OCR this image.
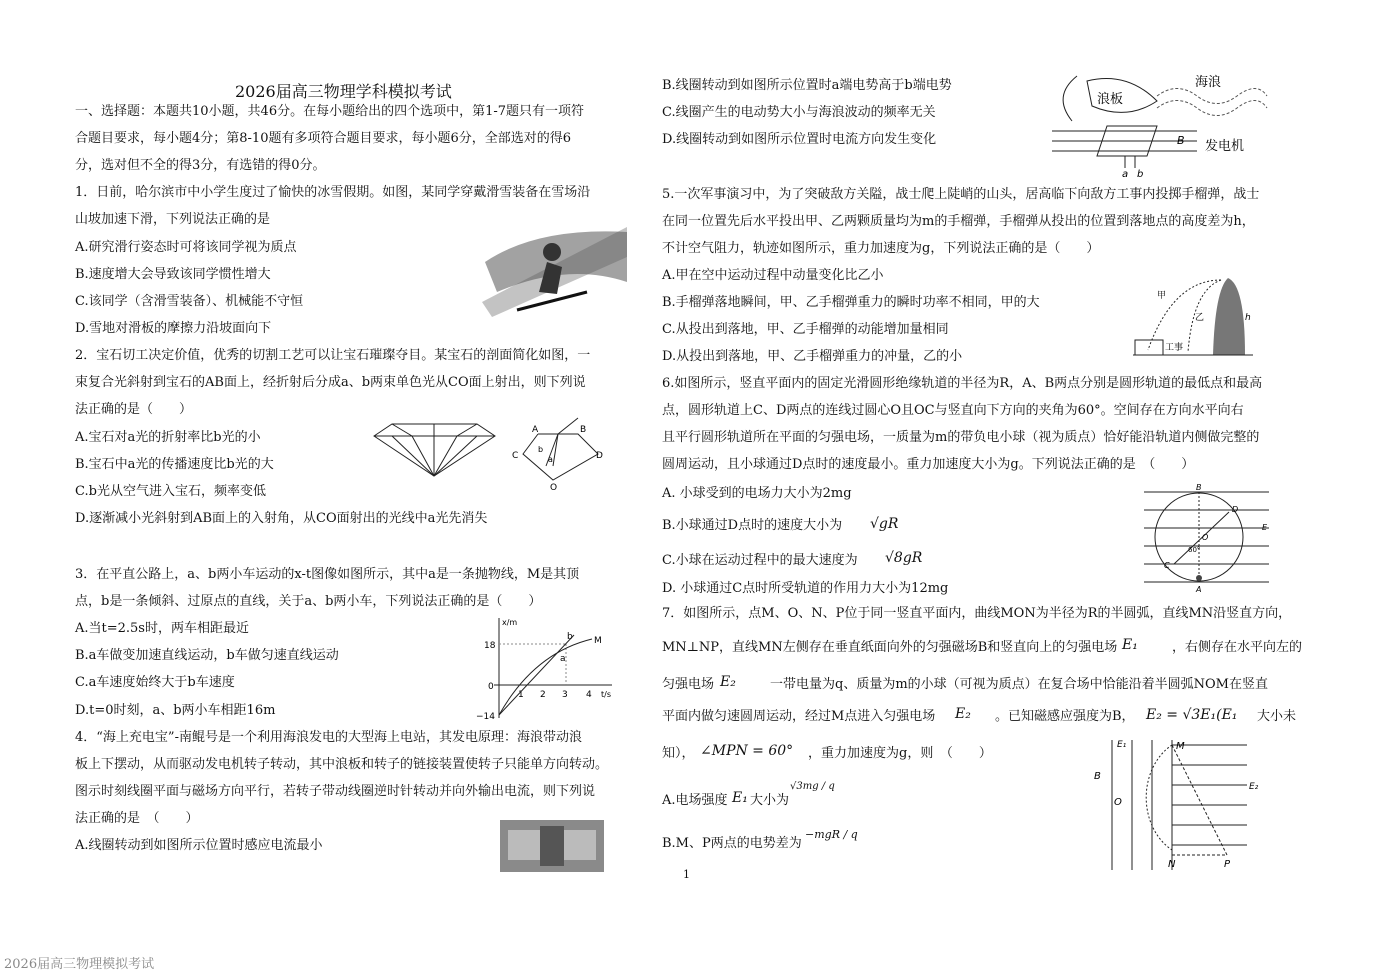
2026届高三物理学科模拟考试
一、选择题：本题共10小题，共46分。在每小题给出的四个选项中，第1-7题只有一项符
合题目要求，每小题4分；第8-10题有多项符合题目要求，每小题6分，全部选对的得6
分，选对但不全的得3分，有选错的得0分。
1．日前，哈尔滨市中小学生度过了愉快的冰雪假期。如图，某同学穿戴滑雪装备在雪场沿
山坡加速下滑，下列说法正确的是
A.研究滑行姿态时可将该同学视为质点
B.速度增大会导致该同学惯性增大
C.该同学（含滑雪装备）、机械能不守恒
D.雪地对滑板的摩擦力沿坡面向下
2．宝石切工决定价值，优秀的切割工艺可以让宝石璀璨夺目。某宝石的剖面简化如图，一
束复合光斜射到宝石的AB面上，经折射后分成a、b两束单色光从CO面上射出，则下列说
法正确的是（　　）
A.宝石对a光的折射率比b光的小
B.宝石中a光的传播速度比b光的大
C.b光从空气进入宝石，频率变低
D.逐渐减小光斜射到AB面上的入射角，从CO面射出的光线中a光先消失
3．在平直公路上，a、b两小车运动的x-t图像如图所示，其中a是一条抛物线，M是其顶
点，b是一条倾斜、过原点的直线，关于a、b两小车，下列说法正确的是（　　）
A.当t=2.5s时，两车相距最近
B.a车做变加速直线运动，b车做匀速直线运动
C.a车速度始终大于b车速度
D.t=0时刻，a、b两小车相距16m
4．“海上充电宝”-南鲲号是一个利用海浪发电的大型海上电站，其发电原理：海浪带动浪
板上下摆动，从而驱动发电机转子转动，其中浪板和转子的链接装置使转子只能单方向转动。
图示时刻线圈平面与磁场方向平行，若转子带动线圈逆时针转动并向外输出电流，则下列说
法正确的是　（　　）
A.线圈转动到如图所示位置时感应电流最小
A	B
C	D
O
b
a
x/m
t/s
18
0
−14
1 2 3 4
M
b
a
B.线圈转动到如图所示位置时a端电势高于b端电势
C.线圈产生的电动势大小与海浪波动的频率无关
D.线圈转动到如图所示位置时电流方向发生变化
5.一次军事演习中，为了突破敌方关隘，战士爬上陡峭的山头，居高临下向敌方工事内投掷手榴弹，战士
在同一位置先后水平投出甲、乙两颗质量均为m的手榴弹，手榴弹从投出的位置到落地点的高度差为h，
不计空气阻力，轨迹如图所示，重力加速度为g，下列说法正确的是（　　）
A.甲在空中运动过程中动量变化比乙小
B.手榴弹落地瞬间，甲、乙手榴弹重力的瞬时功率不相同，甲的大
C.从投出到落地，甲、乙手榴弹的动能增加量相同
D.从投出到落地，甲、乙手榴弹重力的冲量，乙的小
6.如图所示，竖直平面内的固定光滑圆形绝缘轨道的半径为R，A、B两点分别是圆形轨道的最低点和最高
点，圆形轨道上C、D两点的连线过圆心O且OC与竖直向下方向的夹角为60°。空间存在方向水平向右
且平行圆形轨道所在平面的匀强电场，一质量为m的带负电小球（视为质点）恰好能沿轨道内侧做完整的
圆周运动，且小球通过D点时的速度最小。重力加速度大小为g。下列说法正确的是　（　　）
A. 小球受到的电场力大小为2mg
B.小球通过D点时的速度大小为 √gR
C.小球在运动过程中的最大速度为 √8gR
D. 小球通过C点时所受轨道的作用力大小为12mg
7．如图所示，点M、O、N、P位于同一竖直平面内，曲线MON为半径为R的半圆弧，直线MN沿竖直方向，
MN⊥NP，直线MN左侧存在垂直纸面向外的匀强磁场B和竖直向上的匀强电场 E₁	，右侧存在水平向左的
匀强电场 E₂	一带电量为q、质量为m的小球（可视为质点）在复合场中恰能沿着半圆弧NOM在竖直
平面内做匀速圆周运动，经过M点进入匀强电场 E₂ 。已知磁感应强度为B， E₂ = √3E₁(E₁ 大小未
知）， ∠MPN = 60° ，重力加速度为g，则　（　　）
A.电场强度 E₁ 大小为
√3mg / q
B.M、P两点的电势差为
−mgR / q
浪板
海浪
B 发电机
a b
甲
乙
工事
h
E
B
A
D
C
O
60°
E₁	M
B
O
E₂
N	P
1
2026届高三物理模拟考试
